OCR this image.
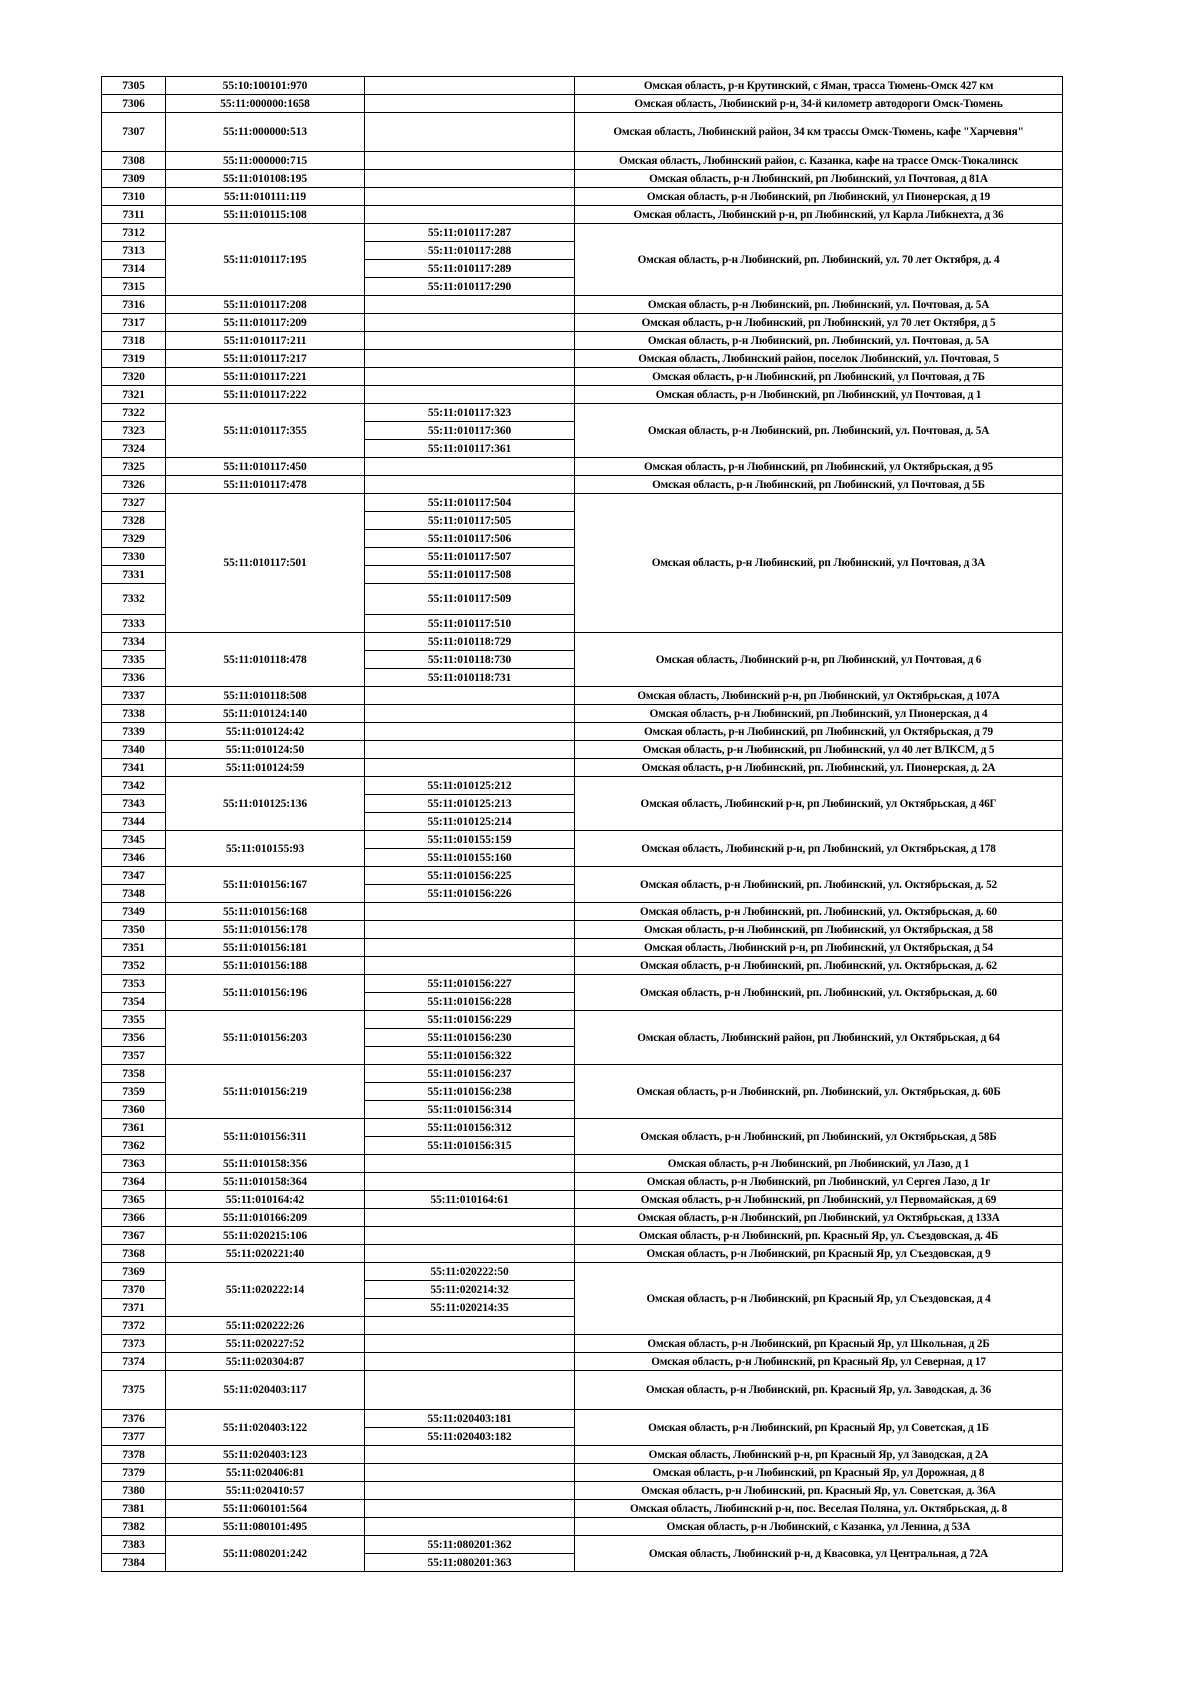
7305	55:10:100101:970		Омская область, р-н Крутинский, с Яман, трасса Тюмень-Омск 427 км
7306	55:11:000000:1658		Омская область, Любинский р-н, 34-й километр автодороги Омск-Тюмень
7307	55:11:000000:513		Омская область, Любинский район, 34 км трассы Омск-Тюмень, кафе "Харчевня"
7308	55:11:000000:715		Омская область, Любинский район, с. Казанка, кафе на трассе Омск-Тюкалинск
7309	55:11:010108:195		Омская область, р-н Любинский, рп Любинский, ул Почтовая, д 81А
7310	55:11:010111:119		Омская область, р-н Любинский, рп Любинский, ул Пионерская, д 19
7311	55:11:010115:108		Омская область, Любинский р-н, рп Любинский, ул Карла Либкнехта, д 36
7312	55:11:010117:195	55:11:010117:287	Омская область, р-н Любинский, рп. Любинский, ул. 70 лет Октября, д. 4
7313		55:11:010117:288	
7314		55:11:010117:289	
7315		55:11:010117:290	
7316	55:11:010117:208		Омская область, р-н Любинский, рп. Любинский, ул. Почтовая, д. 5А
7317	55:11:010117:209		Омская область, р-н Любинский, рп Любинский, ул 70 лет Октября, д 5
7318	55:11:010117:211		Омская область, р-н Любинский, рп. Любинский, ул. Почтовая, д. 5А
7319	55:11:010117:217		Омская область, Любинский район, поселок Любинский, ул. Почтовая, 5
7320	55:11:010117:221		Омская область, р-н Любинский, рп Любинский, ул Почтовая, д 7Б
7321	55:11:010117:222		Омская область, р-н Любинский, рп Любинский, ул Почтовая, д 1
7322	55:11:010117:355	55:11:010117:323	Омская область, р-н Любинский, рп. Любинский, ул. Почтовая, д. 5А
7323		55:11:010117:360	
7324		55:11:010117:361	
7325	55:11:010117:450		Омская область, р-н Любинский, рп Любинский, ул Октябрьская, д 95
7326	55:11:010117:478		Омская область, р-н Любинский, рп Любинский, ул Почтовая, д 5Б
7327	55:11:010117:501	55:11:010117:504	Омская область, р-н Любинский, рп Любинский, ул Почтовая, д 3А
7328		55:11:010117:505	
7329		55:11:010117:506	
7330		55:11:010117:507	
7331		55:11:010117:508	
7332		55:11:010117:509	
7333		55:11:010117:510	
7334	55:11:010118:478	55:11:010118:729	Омская область, Любинский р-н, рп Любинский, ул Почтовая, д 6
7335		55:11:010118:730	
7336		55:11:010118:731	
7337	55:11:010118:508		Омская область, Любинский р-н, рп Любинский, ул Октябрьская, д 107А
7338	55:11:010124:140		Омская область, р-н Любинский, рп Любинский, ул Пионерская, д 4
7339	55:11:010124:42		Омская область, р-н Любинский, рп Любинский, ул Октябрьская, д 79
7340	55:11:010124:50		Омская область, р-н Любинский, рп Любинский, ул 40 лет ВЛКСМ, д 5
7341	55:11:010124:59		Омская область, р-н Любинский, рп. Любинский, ул. Пионерская, д. 2А
7342	55:11:010125:136	55:11:010125:212	Омская область, Любинский р-н, рп Любинский, ул Октябрьская, д 46Г
7343		55:11:010125:213	
7344		55:11:010125:214	
7345	55:11:010155:93	55:11:010155:159	Омская область, Любинский р-н, рп Любинский, ул Октябрьская, д 178
7346		55:11:010155:160	
7347	55:11:010156:167	55:11:010156:225	Омская область, р-н Любинский, рп. Любинский, ул. Октябрьская, д. 52
7348		55:11:010156:226	
7349	55:11:010156:168		Омская область, р-н Любинский, рп. Любинский, ул. Октябрьская, д. 60
7350	55:11:010156:178		Омская область, р-н Любинский, рп Любинский, ул Октябрьская, д 58
7351	55:11:010156:181		Омская область, Любинский р-н, рп Любинский, ул Октябрьская, д 54
7352	55:11:010156:188		Омская область, р-н Любинский, рп. Любинский, ул. Октябрьская, д. 62
7353	55:11:010156:196	55:11:010156:227	Омская область, р-н Любинский, рп. Любинский, ул. Октябрьская, д. 60
7354		55:11:010156:228	
7355	55:11:010156:203	55:11:010156:229	Омская область, Любинский район, рп Любинский, ул Октябрьская, д 64
7356		55:11:010156:230	
7357		55:11:010156:322	
7358	55:11:010156:219	55:11:010156:237	Омская область, р-н Любинский, рп. Любинский, ул. Октябрьская, д. 60Б
7359		55:11:010156:238	
7360		55:11:010156:314	
7361	55:11:010156:311	55:11:010156:312	Омская область, р-н Любинский, рп Любинский, ул Октябрьская, д 58Б
7362		55:11:010156:315	
7363	55:11:010158:356		Омская область, р-н Любинский, рп Любинский, ул Лазо, д 1
7364	55:11:010158:364		Омская область, р-н Любинский, рп Любинский, ул Сергея Лазо, д 1г
7365	55:11:010164:42	55:11:010164:61	Омская область, р-н Любинский, рп Любинский, ул Первомайская, д 69
7366	55:11:010166:209		Омская область, р-н Любинский, рп Любинский, ул Октябрьская, д 133А
7367	55:11:020215:106		Омская область, р-н Любинский, рп. Красный Яр, ул. Съездовская, д. 4Б
7368	55:11:020221:40		Омская область, р-н Любинский, рп Красный Яр, ул Съездовская, д 9
7369	55:11:020222:14	55:11:020222:50	Омская область, р-н Любинский, рп Красный Яр, ул Съездовская, д 4
7370		55:11:020214:32	
7371		55:11:020214:35	
7372	55:11:020222:26		
7373	55:11:020227:52		Омская область, р-н Любинский, рп Красный Яр, ул Школьная, д 2Б
7374	55:11:020304:87		Омская область, р-н Любинский, рп Красный Яр, ул Северная, д 17
7375	55:11:020403:117		Омская область, р-н Любинский, рп. Красный Яр, ул. Заводская, д. 36
7376	55:11:020403:122	55:11:020403:181	Омская область, р-н Любинский, рп Красный Яр, ул Советская, д 1Б
7377		55:11:020403:182	
7378	55:11:020403:123		Омская область, Любинский р-н, рп Красный Яр, ул Заводская, д 2А
7379	55:11:020406:81		Омская область, р-н Любинский, рп Красный Яр, ул Дорожная, д 8
7380	55:11:020410:57		Омская область, р-н Любинский, рп. Красный Яр, ул. Советская, д. 36А
7381	55:11:060101:564		Омская область, Любинский р-н, пос. Веселая Поляна, ул. Октябрьская, д. 8
7382	55:11:080101:495		Омская область, р-н Любинский, с Казанка, ул Ленина, д 53А
7383	55:11:080201:242	55:11:080201:362	Омская область, Любинский р-н, д Квасовка, ул Центральная, д 72А
7384		55:11:080201:363	
